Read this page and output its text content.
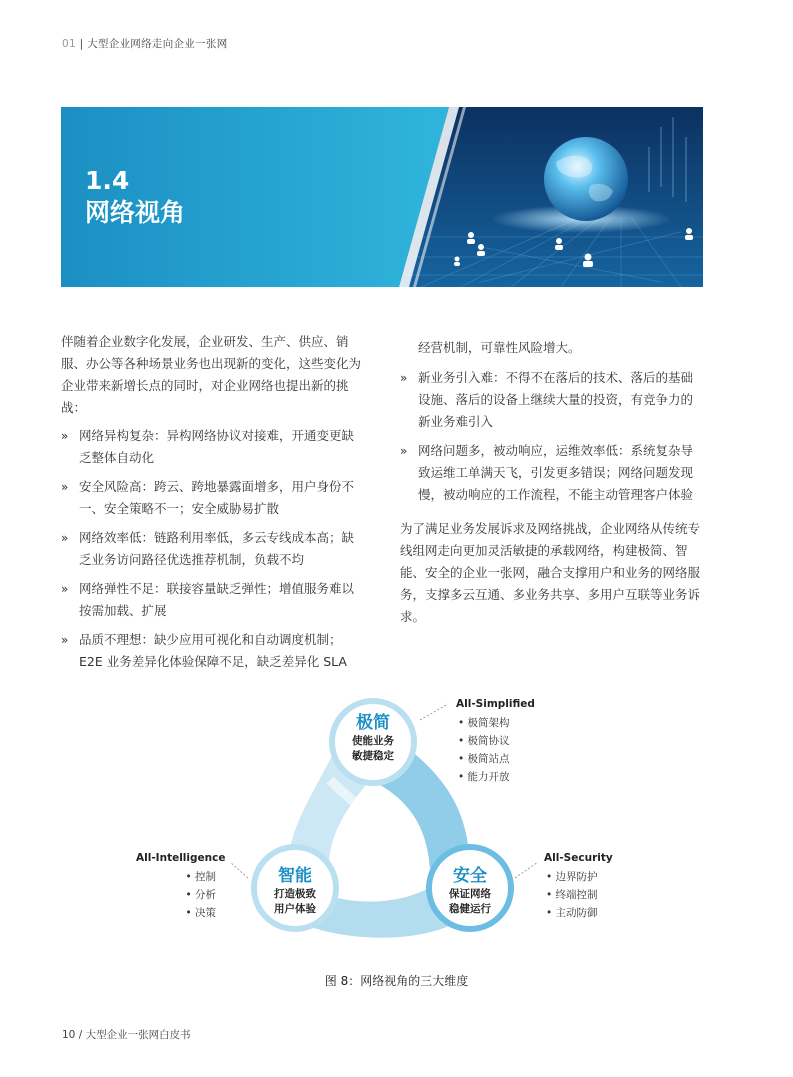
01 | 大型企业网络走向企业一张网
1.4
网络视角

伴随着企业数字化发展，企业研发、生产、供应、销服、办公等各种场景业务也出现新的变化，这些变化为企业带来新增长点的同时，对企业网络也提出新的挑战：

» 网络异构复杂：异构网络协议对接难，开通变更缺乏整体自动化
» 安全风险高：跨云、跨地暴露面增多，用户身份不一、安全策略不一；安全威胁易扩散
» 网络效率低：链路利用率低，多云专线成本高；缺乏业务访问路径优选推荐机制，负载不均
» 网络弹性不足：联接容量缺乏弹性；增值服务难以按需加载、扩展
» 品质不理想：缺少应用可视化和自动调度机制；E2E 业务差异化体验保障不足，缺乏差异化 SLA
经营机制，可靠性风险增大。
» 新业务引入难：不得不在落后的技术、落后的基础设施、落后的设备上继续大量的投资，有竞争力的新业务难引入
» 网络问题多，被动响应，运维效率低：系统复杂导致运维工单满天飞，引发更多错误；网络问题发现慢，被动响应的工作流程，不能主动管理客户体验

为了满足业务发展诉求及网络挑战，企业网络从传统专线组网走向更加灵活敏捷的承载网络，构建极简、智能、安全的企业一张网，融合支撑用户和业务的网络服务，支撑多云互通、多业务共享、多用户互联等业务诉求。

极简
使能业务
敏捷稳定
智能
打造极致
用户体验
安全
保证网络
稳健运行
All-Simplified
• 极简架构
• 极简协议
• 极简站点
• 能力开放
All-Intelligence
• 控制
• 分析
• 决策
All-Security
• 边界防护
• 终端控制
• 主动防御
图 8：网络视角的三大维度
10 / 大型企业一张网白皮书
